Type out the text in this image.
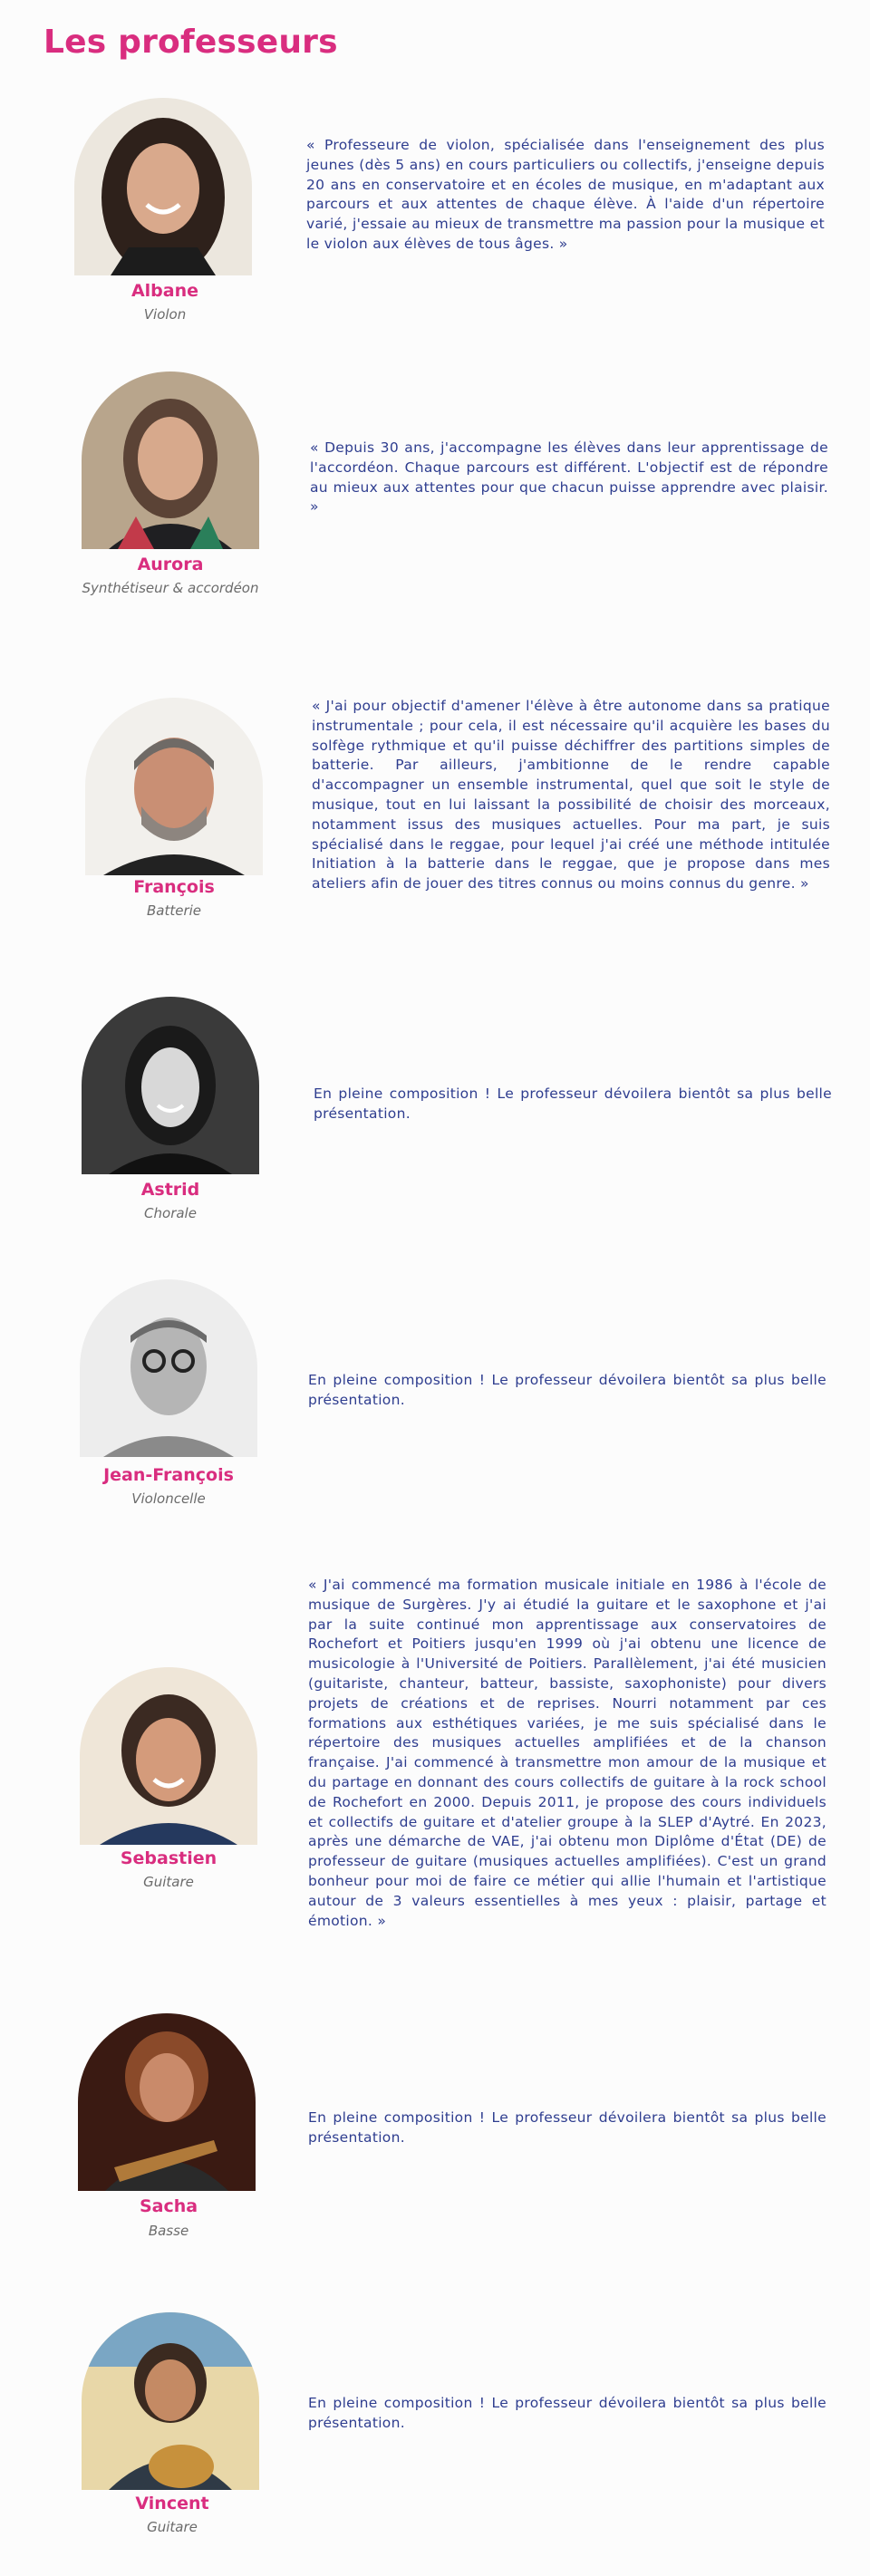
Les professeurs
Albane
Violon

« Professeure de violon, spécialisée dans l'enseignement des plus jeunes (dès 5 ans) en cours particuliers ou collectifs, j'enseigne depuis 20 ans en conservatoire et en écoles de musique, en m'adaptant aux parcours et aux attentes de chaque élève. À l'aide d'un répertoire varié, j'essaie au mieux de transmettre ma passion pour la musique et le violon aux élèves de tous âges. »

Aurora
Synthétiseur & accordéon

« Depuis 30 ans, j'accompagne les élèves dans leur apprentissage de l'accordéon. Chaque parcours est différent. L'objectif est de répondre au mieux aux attentes pour que chacun puisse apprendre avec plaisir. »

François
Batterie

« J'ai pour objectif d'amener l'élève à être autonome dans sa pratique instrumentale ; pour cela, il est nécessaire qu'il acquière les bases du solfège rythmique et qu'il puisse déchiffrer des partitions simples de batterie. Par ailleurs, j'ambitionne de le rendre capable d'accompagner un ensemble instrumental, quel que soit le style de musique, tout en lui laissant la possibilité de choisir des morceaux, notamment issus des musiques actuelles. Pour ma part, je suis spécialisé dans le reggae, pour lequel j'ai créé une méthode intitulée Initiation à la batterie dans le reggae, que je propose dans mes ateliers afin de jouer des titres connus ou moins connus du genre. »

Astrid
Chorale

En pleine composition ! Le professeur dévoilera bientôt sa plus belle présentation.

Jean-François
Violoncelle

En pleine composition ! Le professeur dévoilera bientôt sa plus belle présentation.

Sebastien
Guitare

« J'ai commencé ma formation musicale initiale en 1986 à l'école de musique de Surgères. J'y ai étudié la guitare et le saxophone et j'ai par la suite continué mon apprentissage aux conservatoires de Rochefort et Poitiers jusqu'en 1999 où j'ai obtenu une licence de musicologie à l'Université de Poitiers. Parallèlement, j'ai été musicien (guitariste, chanteur, batteur, bassiste, saxophoniste) pour divers projets de créations et de reprises. Nourri notamment par ces formations aux esthétiques variées, je me suis spécialisé dans le répertoire des musiques actuelles amplifiées et de la chanson française. J'ai commencé à transmettre mon amour de la musique et du partage en donnant des cours collectifs de guitare à la rock school de Rochefort en 2000. Depuis 2011, je propose des cours individuels et collectifs de guitare et d'atelier groupe à la SLEP d'Aytré. En 2023, après une démarche de VAE, j'ai obtenu mon Diplôme d'État (DE) de professeur de guitare (musiques actuelles amplifiées). C'est un grand bonheur pour moi de faire ce métier qui allie l'humain et l'artistique autour de 3 valeurs essentielles à mes yeux : plaisir, partage et émotion. »

Sacha
Basse

En pleine composition ! Le professeur dévoilera bientôt sa plus belle présentation.

Vincent
Guitare

En pleine composition ! Le professeur dévoilera bientôt sa plus belle présentation.
